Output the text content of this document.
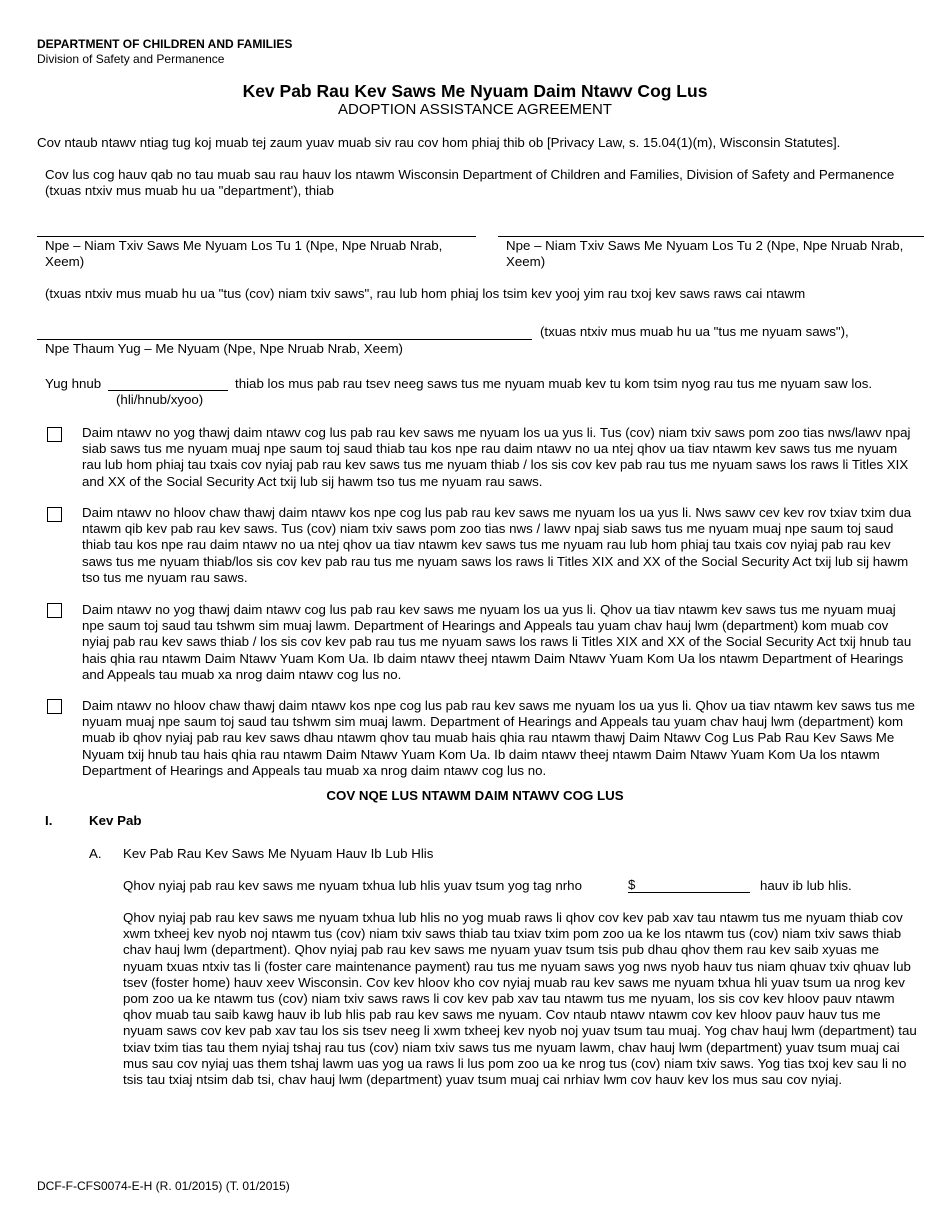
DEPARTMENT OF CHILDREN AND FAMILIES
Division of Safety and Permanence
Kev Pab Rau Kev Saws Me Nyuam Daim Ntawv Cog Lus
ADOPTION ASSISTANCE AGREEMENT
Cov ntaub ntawv ntiag tug koj muab tej zaum yuav muab siv rau cov hom phiaj thib ob [Privacy Law, s. 15.04(1)(m), Wisconsin Statutes].
Cov lus cog hauv qab no tau muab sau rau hauv los ntawm Wisconsin Department of Children and Families, Division of Safety and Permanence (txuas ntxiv mus muab hu ua "department'), thiab
Npe – Niam Txiv Saws Me Nyuam Los Tu 1 (Npe, Npe Nruab Nrab, Xeem)
Npe – Niam Txiv Saws Me Nyuam Los Tu 2 (Npe, Npe Nruab Nrab, Xeem)
(txuas ntxiv mus muab hu ua "tus (cov) niam txiv saws", rau lub hom phiaj los tsim kev yooj yim rau txoj kev saws raws cai ntawm
(txuas ntxiv mus muab hu ua "tus me nyuam saws"),
Npe Thaum Yug – Me Nyuam (Npe, Npe Nruab Nrab, Xeem)
Yug hnub
(hli/hnub/xyoo)
thiab los mus pab rau tsev neeg saws tus me nyuam muab kev tu kom tsim nyog rau tus me nyuam saw los.
Daim ntawv no yog thawj daim ntawv cog lus pab rau kev saws me nyuam los ua yus li. Tus (cov) niam txiv saws pom zoo tias nws/lawv npaj siab saws tus me nyuam muaj npe saum toj saud thiab tau kos npe rau daim ntawv no ua ntej qhov ua tiav ntawm kev saws tus me nyuam rau lub hom phiaj tau txais cov nyiaj pab rau kev saws tus me nyuam thiab / los sis cov kev pab rau tus me nyuam saws los raws li Titles XIX and XX of the Social Security Act txij lub sij hawm tso tus me nyuam rau saws.
Daim ntawv no hloov chaw thawj daim ntawv kos npe cog lus pab rau kev saws me nyuam los ua yus li. Nws sawv cev kev rov txiav txim dua ntawm qib kev pab rau kev saws. Tus (cov) niam txiv saws pom zoo tias nws / lawv npaj siab saws tus me nyuam muaj npe saum toj saud thiab tau kos npe rau daim ntawv no ua ntej qhov ua tiav ntawm kev saws tus me nyuam rau lub hom phiaj tau txais cov nyiaj pab rau kev saws tus me nyuam thiab/los sis cov kev pab rau tus me nyuam saws los raws li Titles XIX and XX of the Social Security Act txij lub sij hawm tso tus me nyuam rau saws.
Daim ntawv no yog thawj daim ntawv cog lus pab rau kev saws me nyuam los ua yus li. Qhov ua tiav ntawm kev saws tus me nyuam muaj npe saum toj saud tau tshwm sim muaj lawm. Department of Hearings and Appeals tau yuam chav hauj lwm (department) kom muab cov nyiaj pab rau kev saws thiab / los sis cov kev pab rau tus me nyuam saws los raws li Titles XIX and XX of the Social Security Act txij hnub tau hais qhia rau ntawm Daim Ntawv Yuam Kom Ua. Ib daim ntawv theej ntawm Daim Ntawv Yuam Kom Ua los ntawm Department of Hearings and Appeals tau muab xa nrog daim ntawv cog lus no.
Daim ntawv no hloov chaw thawj daim ntawv kos npe cog lus pab rau kev saws me nyuam los ua yus li. Qhov ua tiav ntawm kev saws tus me nyuam muaj npe saum toj saud tau tshwm sim muaj lawm. Department of Hearings and Appeals tau yuam chav hauj lwm (department) kom muab ib qhov nyiaj pab rau kev saws dhau ntawm qhov tau muab hais qhia rau ntawm thawj Daim Ntawv Cog Lus Pab Rau Kev Saws Me Nyuam txij hnub tau hais qhia rau ntawm Daim Ntawv Yuam Kom Ua. Ib daim ntawv theej ntawm Daim Ntawv Yuam Kom Ua los ntawm Department of Hearings and Appeals tau muab xa nrog daim ntawv cog lus no.
COV NQE LUS NTAWM DAIM NTAWV COG LUS
I.	Kev Pab
A. Kev Pab Rau Kev Saws Me Nyuam Hauv Ib Lub Hlis
Qhov nyiaj pab rau kev saws me nyuam txhua lub hlis yuav tsum yog tag nrho	$	hauv ib lub hlis.
Qhov nyiaj pab rau kev saws me nyuam txhua lub hlis no yog muab raws li qhov cov kev pab xav tau ntawm tus me nyuam thiab cov xwm txheej kev nyob noj ntawm tus (cov) niam txiv saws thiab tau txiav txim pom zoo ua ke los ntawm tus (cov) niam txiv saws thiab chav hauj lwm (department). Qhov nyiaj pab rau kev saws me nyuam yuav tsum tsis pub dhau qhov them rau kev saib xyuas me nyuam txuas ntxiv tas li (foster care maintenance payment) rau tus me nyuam saws yog nws nyob hauv tus niam qhuav txiv qhuav lub tsev (foster home) hauv xeev Wisconsin. Cov kev hloov kho cov nyiaj muab rau kev saws me nyuam txhua hli yuav tsum ua nrog kev pom zoo ua ke ntawm tus (cov) niam txiv saws raws li cov kev pab xav tau ntawm tus me nyuam, los sis cov kev hloov pauv ntawm qhov muab tau saib kawg hauv ib lub hlis pab rau kev saws me nyuam. Cov ntaub ntawv ntawm cov kev hloov pauv hauv tus me nyuam saws cov kev pab xav tau los sis tsev neeg li xwm txheej kev nyob noj yuav tsum tau muaj. Yog chav hauj lwm (department) tau txiav txim tias tau them nyiaj tshaj rau tus (cov) niam txiv saws tus me nyuam lawm, chav hauj lwm (department) yuav tsum muaj cai mus sau cov nyiaj uas them tshaj lawm uas yog ua raws li lus pom zoo ua ke nrog tus (cov) niam txiv saws. Yog tias txoj kev sau li no tsis tau txiaj ntsim dab tsi, chav hauj lwm (department) yuav tsum muaj cai nrhiav lwm cov hauv kev los mus sau cov nyiaj.
DCF-F-CFS0074-E-H (R. 01/2015) (T. 01/2015)
